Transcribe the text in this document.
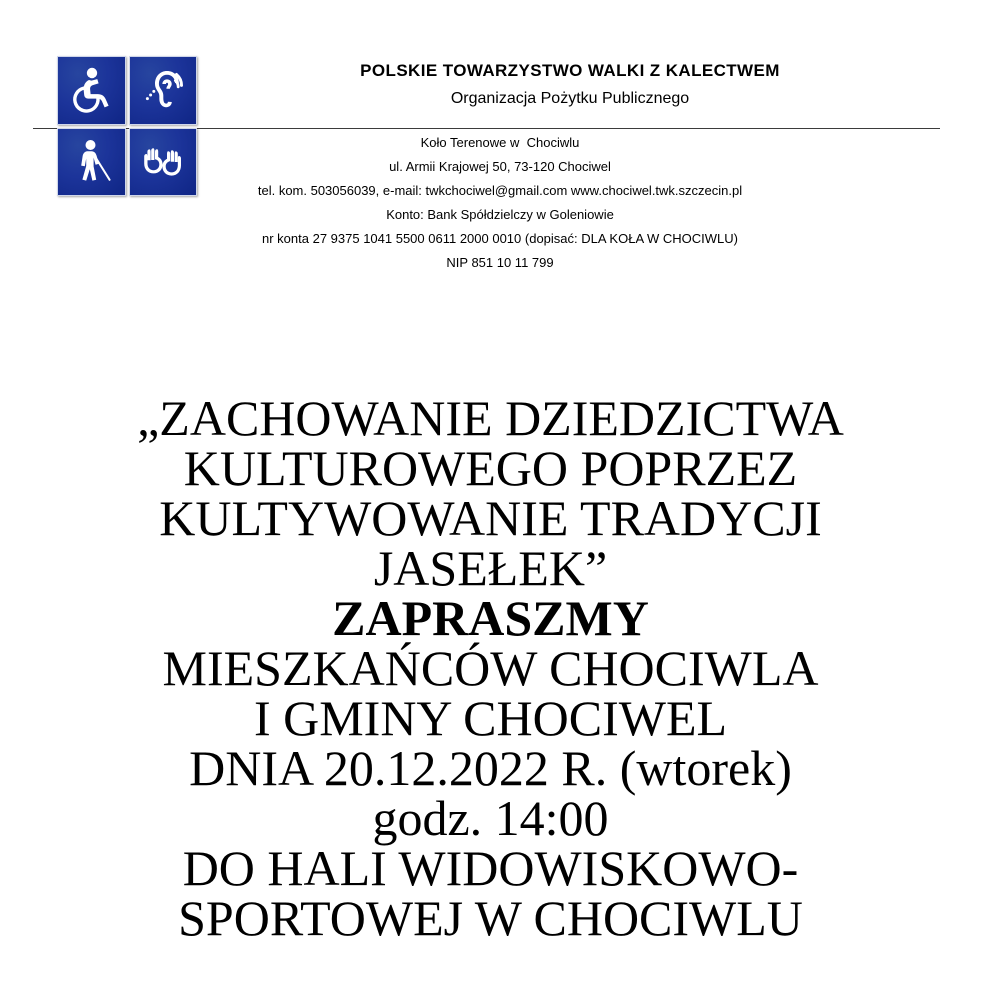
POLSKIE TOWARZYSTWO WALKI Z KALECTWEM
Organizacja Pożytku Publicznego
Koło Terenowe w  Chociwlu
ul. Armii Krajowej 50, 73-120 Chociwel
tel. kom. 503056039, e-mail: twkchociwel@gmail.com www.chociwel.twk.szczecin.pl
Konto: Bank Spółdzielczy w Goleniowie
nr konta 27 9375 1041 5500 0611 2000 0010 (dopisać: DLA KOŁA W CHOCIWLU)
NIP 851 10 11 799
„ZACHOWANIE DZIEDZICTWA
KULTUROWEGO POPRZEZ
KULTYWOWANIE TRADYCJI
JASEŁEK”
ZAPRASZMY
MIESZKAŃCÓW CHOCIWLA
I GMINY CHOCIWEL
DNIA 20.12.2022 R. (wtorek)
godz. 14:00
DO HALI WIDOWISKOWO-
SPORTOWEJ W CHOCIWLU
